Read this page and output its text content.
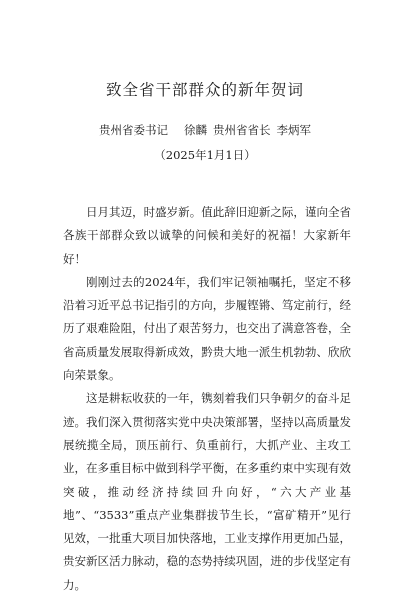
致全省干部群众的新年贺词
贵州省委书记 徐麟 贵州省省长 李炳军
（2025年1月1日）

日月其迈，时盛岁新。值此辞旧迎新之际，谨向全省各族干部群众致以诚挚的问候和美好的祝福！大家新年好！

刚刚过去的2024年，我们牢记领袖嘱托，坚定不移沿着习近平总书记指引的方向，步履铿锵、笃定前行，经历了艰难险阻，付出了艰苦努力，也交出了满意答卷，全省高质量发展取得新成效，黔贵大地一派生机勃勃、欣欣向荣景象。

这是耕耘收获的一年，镌刻着我们只争朝夕的奋斗足迹。我们深入贯彻落实党中央决策部署，坚持以高质量发展统揽全局，顶压前行、负重前行，大抓产业、主攻工业，在多重目标中做到科学平衡，在多重约束中实现有效突破，推动经济持续回升向好，“六大产业基地”、“3533”重点产业集群拔节生长，“富矿精开”见行见效，一批重大项目加快落地，工业支撑作用更加凸显，贵安新区活力脉动，稳的态势持续巩固，进的步伐坚定有力。
